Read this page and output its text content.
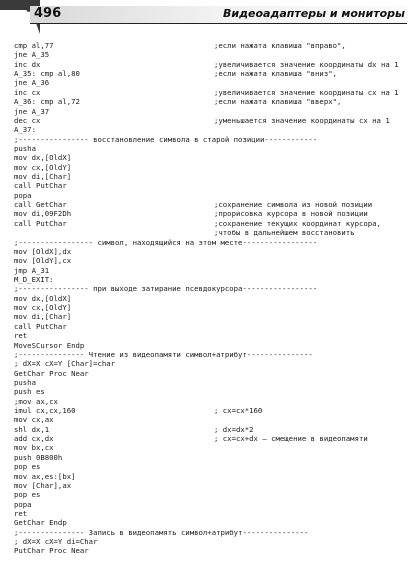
496	Видеоадаптеры и мониторы
cmp al,77	;если нажата клавиша "вправо",
jne A_35
inc dx	;увеличивается значение координаты dx на 1
A_35: cmp al,80	;если нажата клавиша "вниз",
jne A_36
inc cx	;увеличивается значение координаты cx на 1
A_36: cmp al,72	;если нажата клавиша "вверх",
jne A_37
dec cx	;уменьшается значение координаты cx на 1
A_37:
;---------------- восстановление символа в старой позиции------------
pusha
mov dx,[OldX]
mov cx,[OldY]
mov di,[Char]
call PutChar
popa
call GetChar	;сохранение символа из новой позиции
mov di,09F2Dh	;прорисовка курсора в новой позиции
call PutChar	;сохранение текущих координат курсора,
;чтобы в дальнейшем восстановить
;----------------- символ, находящийся на этом месте-----------------
mov [OldX],dx
mov [OldY],cx
jmp A_31
M_D_EXIT:
;---------------- при выходе затирание псевдокурсора-----------------
mov dx,[OldX]
mov cx,[OldY]
mov di,[Char]
call PutChar
ret
MoveSCursor Endp
;--------------- Чтение из видеопамяти символ+атрибут---------------
; dX=X cX=Y [Char]=char
GetChar Proc Near
pusha
push es
;mov ax,cx
imul cx,cx,160	; cx=cx*160
mov cx,ax
shl dx,1	; dx=dx*2
add cx,dx	; cx=cx+dx — смещение в видеопамяти
mov bx,cx
push 0B800h
pop es
mov ax,es:[bx]
mov [Char],ax
pop es
popa
ret
GetChar Endp
;--------------- Запись в видеопамять символ+атрибут---------------
; dX=X cX=Y di=Char
PutChar Proc Near
